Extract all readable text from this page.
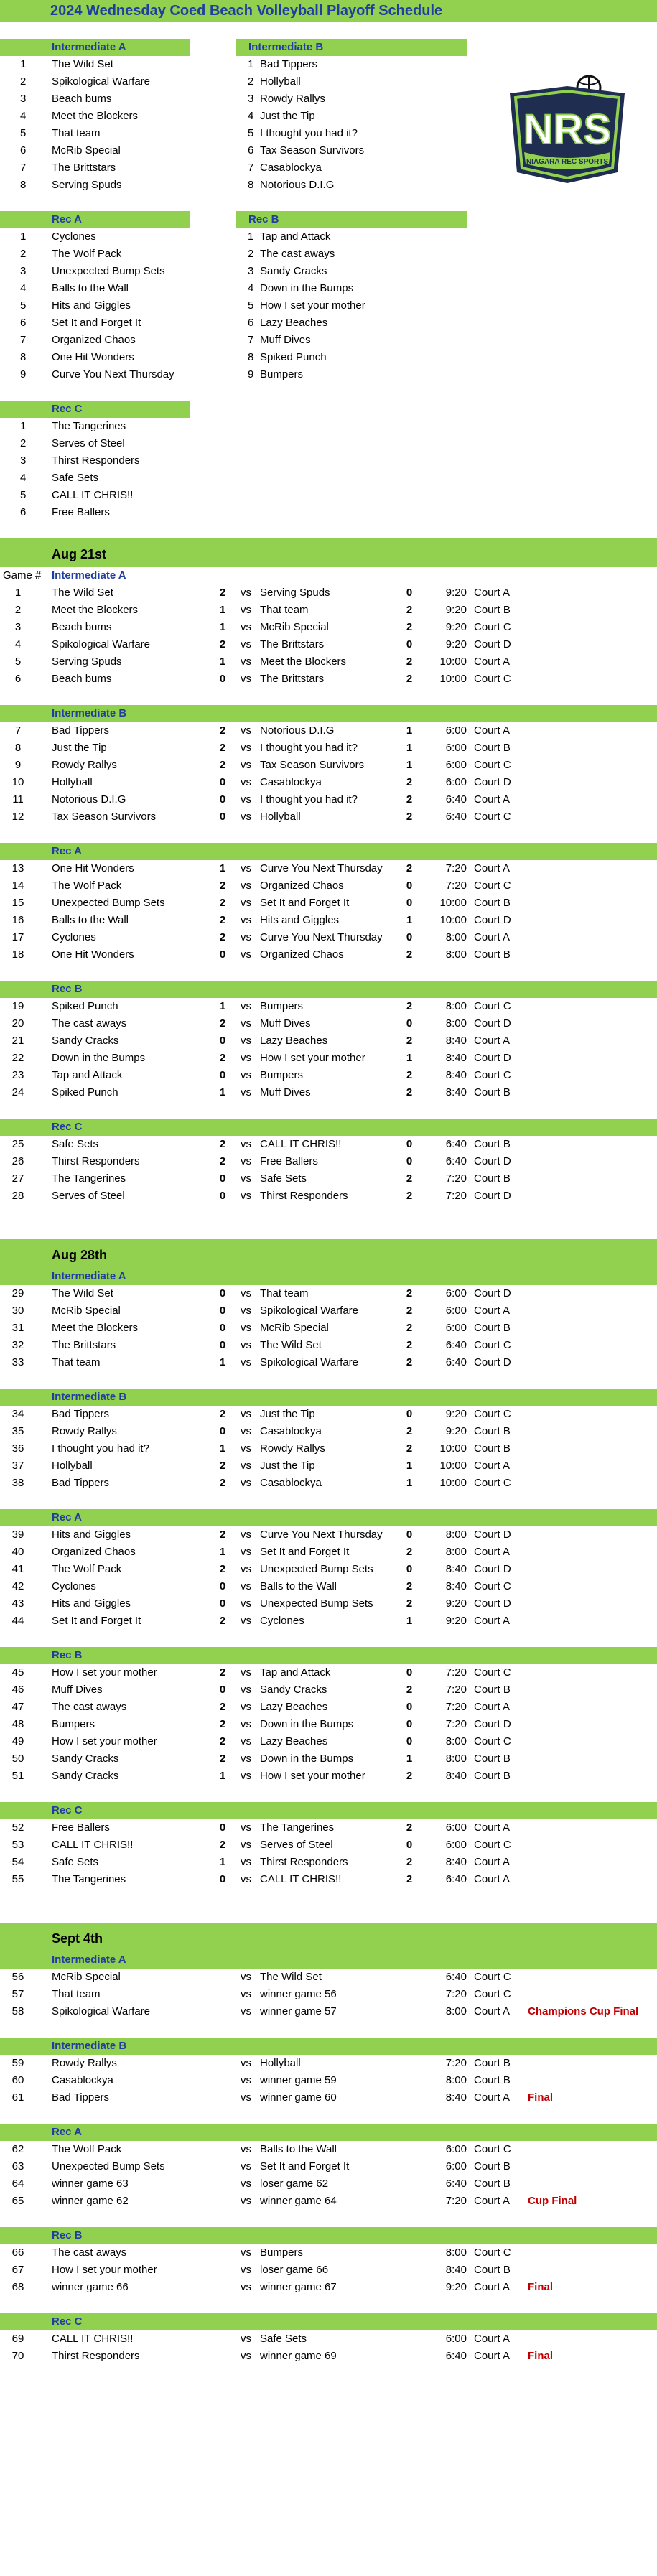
2024 Wednesday Coed Beach Volleyball Playoff Schedule
NRS
NIAGARA REC SPORTS
Intermediate A	Intermediate B
1 The Wild Set	1 Bad Tippers
2 Spikological Warfare	2 Hollyball
3 Beach bums	3 Rowdy Rallys
4 Meet the Blockers	4 Just the Tip
5 That team	5 I thought you had it?
6 McRib Special	6 Tax Season Survivors
7 The Brittstars	7 Casablockya
8 Serving Spuds	8 Notorious D.I.G
Rec A	Rec B
1 Cyclones	1 Tap and Attack
2 The Wolf Pack	2 The cast aways
3 Unexpected Bump Sets	3 Sandy Cracks
4 Balls to the Wall	4 Down in the Bumps
5 Hits and Giggles	5 How I set your mother
6 Set It and Forget It	6 Lazy Beaches
7 Organized Chaos	7 Muff Dives
8 One Hit Wonders	8 Spiked Punch
9 Curve You Next Thursday	9 Bumpers
Rec C
1 The Tangerines
2 Serves of Steel
3 Thirst Responders
4 Safe Sets
5 CALL IT CHRIS!!
6 Free Ballers
Aug 21st
Game # Intermediate A
1	The Wild Set	2	vs Serving Spuds	0	9:20 Court A
2	Meet the Blockers	1	vs That team	2	9:20 Court B
3	Beach bums	1	vs McRib Special	2	9:20 Court C
4	Spikological Warfare	2	vs The Brittstars	0	9:20 Court D
5	Serving Spuds	1	vs Meet the Blockers	2	10:00 Court A
6	Beach bums	0	vs The Brittstars	2	10:00 Court C
Intermediate B
7	Bad Tippers	2	vs Notorious D.I.G	1	6:00 Court A
8	Just the Tip	2	vs I thought you had it?	1	6:00 Court B
9	Rowdy Rallys	2	vs Tax Season Survivors	1	6:00 Court C
10	Hollyball	0	vs Casablockya	2	6:00 Court D
11	Notorious D.I.G	0	vs I thought you had it?	2	6:40 Court A
12	Tax Season Survivors	0	vs Hollyball	2	6:40 Court C
Rec A
13	One Hit Wonders	1	vs Curve You Next Thursday	2	7:20 Court A
14	The Wolf Pack	2	vs Organized Chaos	0	7:20 Court C
15	Unexpected Bump Sets	2	vs Set It and Forget It	0	10:00 Court B
16	Balls to the Wall	2	vs Hits and Giggles	1	10:00 Court D
17	Cyclones	2	vs Curve You Next Thursday	0	8:00 Court A
18	One Hit Wonders	0	vs Organized Chaos	2	8:00 Court B
Rec B
19	Spiked Punch	1	vs Bumpers	2	8:00 Court C
20	The cast aways	2	vs Muff Dives	0	8:00 Court D
21	Sandy Cracks	0	vs Lazy Beaches	2	8:40 Court A
22	Down in the Bumps	2	vs How I set your mother	1	8:40 Court D
23	Tap and Attack	0	vs Bumpers	2	8:40 Court C
24	Spiked Punch	1	vs Muff Dives	2	8:40 Court B
Rec C
25	Safe Sets	2	vs CALL IT CHRIS!!	0	6:40 Court B
26	Thirst Responders	2	vs Free Ballers	0	6:40 Court D
27	The Tangerines	0	vs Safe Sets	2	7:20 Court B
28	Serves of Steel	0	vs Thirst Responders	2	7:20 Court D
Aug 28th
Intermediate A
29	The Wild Set	0	vs That team	2	6:00 Court D
30	McRib Special	0	vs Spikological Warfare	2	6:00 Court A
31	Meet the Blockers	0	vs McRib Special	2	6:00 Court B
32	The Brittstars	0	vs The Wild Set	2	6:40 Court C
33	That team	1	vs Spikological Warfare	2	6:40 Court D
Intermediate B
34	Bad Tippers	2	vs Just the Tip	0	9:20 Court C
35	Rowdy Rallys	0	vs Casablockya	2	9:20 Court B
36	I thought you had it?	1	vs Rowdy Rallys	2	10:00 Court B
37	Hollyball	2	vs Just the Tip	1	10:00 Court A
38	Bad Tippers	2	vs Casablockya	1	10:00 Court C
Rec A
39	Hits and Giggles	2	vs Curve You Next Thursday	0	8:00 Court D
40	Organized Chaos	1	vs Set It and Forget It	2	8:00 Court A
41	The Wolf Pack	2	vs Unexpected Bump Sets	0	8:40 Court D
42	Cyclones	0	vs Balls to the Wall	2	8:40 Court C
43	Hits and Giggles	0	vs Unexpected Bump Sets	2	9:20 Court D
44	Set It and Forget It	2	vs Cyclones	1	9:20 Court A
Rec B
45	How I set your mother	2	vs Tap and Attack	0	7:20 Court C
46	Muff Dives	0	vs Sandy Cracks	2	7:20 Court B
47	The cast aways	2	vs Lazy Beaches	0	7:20 Court A
48	Bumpers	2	vs Down in the Bumps	0	7:20 Court D
49	How I set your mother	2	vs Lazy Beaches	0	8:00 Court C
50	Sandy Cracks	2	vs Down in the Bumps	1	8:00 Court B
51	Sandy Cracks	1	vs How I set your mother	2	8:40 Court B
Rec C
52	Free Ballers	0	vs The Tangerines	2	6:00 Court A
53	CALL IT CHRIS!!	2	vs Serves of Steel	0	6:00 Court C
54	Safe Sets	1	vs Thirst Responders	2	8:40 Court A
55	The Tangerines	0	vs CALL IT CHRIS!!	2	6:40 Court A
Sept 4th
Intermediate A
56	McRib Special	vs The Wild Set	6:40 Court C
57	That team	vs winner game 56	7:20 Court C
58	Spikological Warfare	vs winner game 57	8:00 Court A Champions Cup Final
Intermediate B
59	Rowdy Rallys	vs Hollyball	7:20 Court B
60	Casablockya	vs winner game 59	8:00 Court B
61	Bad Tippers	vs winner game 60	8:40 Court A Final
Rec A
62	The Wolf Pack	vs Balls to the Wall	6:00 Court C
63	Unexpected Bump Sets	vs Set It and Forget It	6:00 Court B
64	winner game 63	vs loser game 62	6:40 Court B
65	winner game 62	vs winner game 64	7:20 Court A Cup Final
Rec B
66	The cast aways	vs Bumpers	8:00 Court C
67	How I set your mother	vs loser game 66	8:40 Court B
68	winner game 66	vs winner game 67	9:20 Court A Final
Rec C
69	CALL IT CHRIS!!	vs Safe Sets	6:00 Court A
70	Thirst Responders	vs winner game 69	6:40 Court A Final
